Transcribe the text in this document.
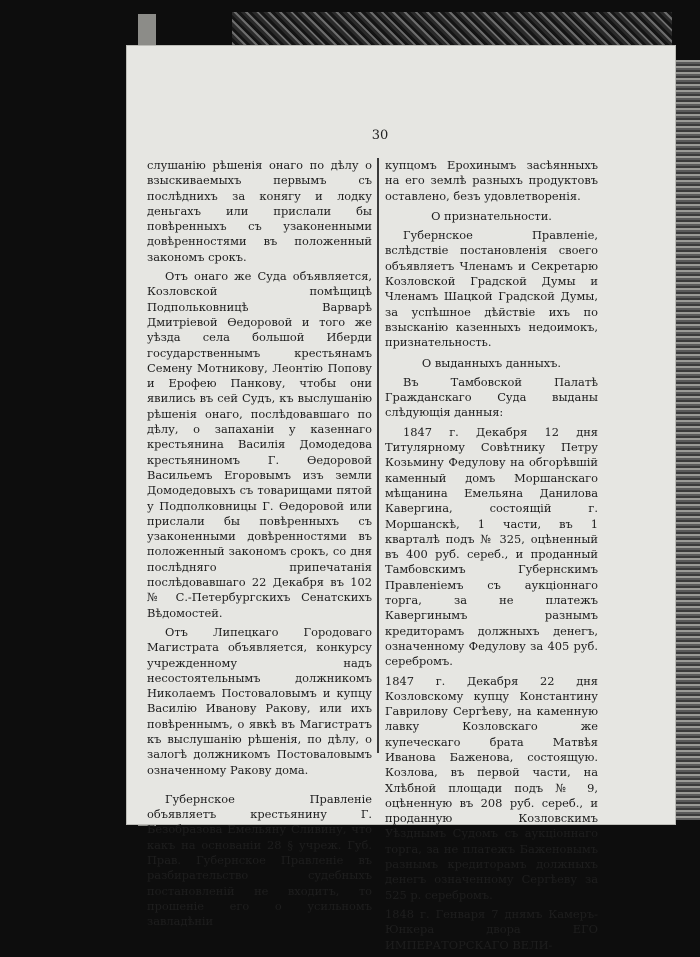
30

слушанію рѣшенія онаго по дѣлу о взыскиваемыхъ первымъ съ послѣднихъ за конягу и лодку деньгахъ или прислали бы повѣренныхъ съ узаконенными довѣренностями въ положенный закономъ срокъ.

Отъ онаго же Суда объявляется, Козловской помѣщицѣ Подпольковницѣ Варварѣ Дмитріевой Ѳедоровой и того же уѣзда села большой Иберди государственнымъ крестьянамъ Семену Мотникову, Леонтію Попову и Ерофею Панкову, чтобы они явились въ сей Судъ, къ выслушанію рѣшенія онаго, послѣдовавшаго по дѣлу, о запаханіи у казеннаго крестьянина Василія Домодедова крестьяниномъ Г. Ѳедоровой Васильемъ Егоровымъ изъ земли Домодедовыхъ съ товарищами пятой у Подполковницы Г. Ѳедоровой или прислали бы повѣренныхъ съ узаконенными довѣренностями въ положенный закономъ срокъ, со дня послѣдняго припечатанія послѣдовавшаго 22 Декабря въ 102 № С.-Петербургскихъ Сенатскихъ Вѣдомостей.

Отъ Липецкаго Городоваго Магистрата объявляется, конкурсу учрежденному надъ несостоятельнымъ должникомъ Николаемъ Постоваловымъ и купцу Василію Иванову Ракову, или ихъ повѣреннымъ, о явкѣ въ Магистратъ къ выслушанію рѣшенія, по дѣлу, о залогѣ должникомъ Постоваловымъ означенному Ракову дома.

Губернское Правленіе объявляетъ крестьянину Г. Безобразова Емельяну Сливину, что какъ на основаніи 28 § учреж. Губ. Прав. Губернское Правленіе въ разбирательство судебныхъ постановленій не входитъ, то прошеніе его о усильномъ завладѣніи

купцомъ Ерохинымъ засѣянныхъ на его землѣ разныхъ продуктовъ оставлено, безъ удовлетворенія.

О признательности.

Губернское Правленіе, вслѣдствіе постановленія своего объявляетъ Членамъ и Секретарю Козловской Градской Думы и Членамъ Шацкой Градской Думы, за успѣшное дѣйствіе ихъ по взысканію казенныхъ недоимокъ, признательность.

О выданныхъ данныхъ.

Въ Тамбовской Палатѣ Гражданскаго Суда выданы слѣдующія данныя:

1847 г. Декабря 12 дня Титулярному Совѣтнику Петру Козьмину Федулову на обгорѣвшій каменный домъ Моршанскаго мѣщанина Емельяна Данилова Кавергина, состоящій г. Моршанскѣ, 1 части, въ 1 кварталѣ подъ № 325, оцѣненный въ 400 руб. сереб., и проданный Тамбовскимъ Губернскимъ Правленіемъ съ аукціоннаго торга, за не платежъ Кавергинымъ разнымъ кредиторамъ должныхъ денегъ, означенному Федулову за 405 руб. серебромъ.

1847 г. Декабря 22 дня Козловскому купцу Константину Гаврилову Сергѣеву, на каменную лавку Козловскаго же купеческаго брата Матвѣя Иванова Баженова, состоящую. Козлова, въ первой части, на Хлѣбной площади подъ № 9, оцѣненную въ 208 руб. сереб., и проданную Козловскимъ Уѣзднымъ Судомъ съ аукціоннаго торга, за не платежъ Баженовымъ разнымъ кредиторамъ должныхъ денегъ означенному Сергѣеву за 525 р. серебромъ.

1848 г. Генваря 7 днямъ Камеръ-Юнкера двора ЕГО ИМПЕРАТОРСКАГО ВЕЛИ-
